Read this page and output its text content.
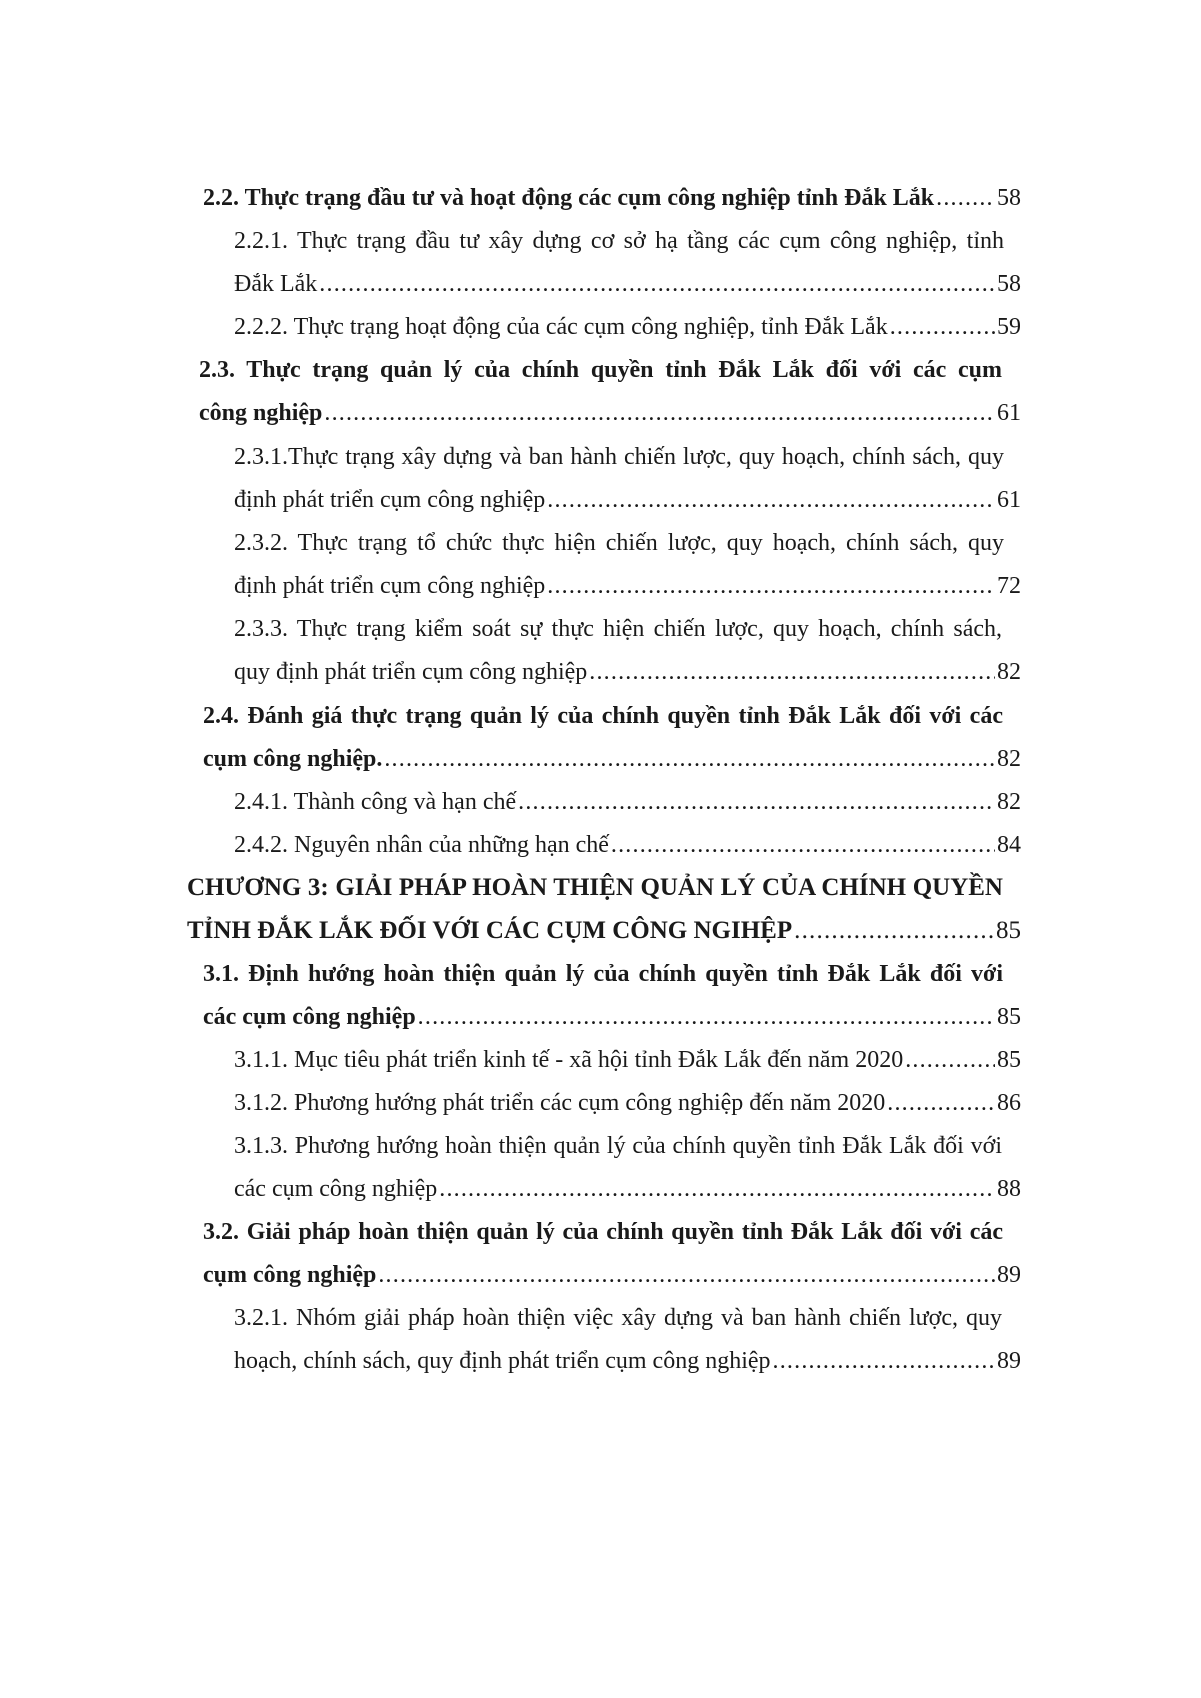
2.2. Thực trạng đầu tư và hoạt động các cụm công nghiệp tỉnh Đắk Lắk .....	58
2.2.1. Thực trạng đầu tư xây dựng cơ sở hạ tầng các cụm công nghiệp, tỉnh
Đắk Lắk .....	58
2.2.2. Thực trạng hoạt động của các cụm công nghiệp, tỉnh Đắk Lắk .....	59
2.3. Thực trạng quản lý của chính quyền tỉnh Đắk Lắk đối với các cụm
công nghiệp .....	61
2.3.1.Thực trạng xây dựng và ban hành chiến lược, quy hoạch, chính sách, quy
định phát triển cụm công nghiệp .....	61
2.3.2. Thực trạng tổ chức thực hiện chiến lược, quy hoạch, chính sách, quy
định phát triển cụm công nghiệp .....	72
2.3.3. Thực trạng kiểm soát sự thực hiện chiến lược, quy hoạch, chính sách,
quy định phát triển cụm công nghiệp .....	82
2.4. Đánh giá thực trạng quản lý của chính quyền tỉnh Đắk Lắk đối với các
cụm công nghiệp. .....	82
2.4.1. Thành công và hạn chế .....	82
2.4.2. Nguyên nhân của những hạn chế .....	84
CHƯƠNG 3: GIẢI PHÁP HOÀN THIỆN QUẢN LÝ CỦA CHÍNH QUYỀN
TỈNH ĐẮK LẮK ĐỐI VỚI CÁC CỤM CÔNG NGIHỆP .....	85
3.1. Định hướng hoàn thiện quản lý của chính quyền tỉnh Đắk Lắk đối với
các cụm công nghiệp .....	85
3.1.1. Mục tiêu phát triển kinh tế - xã hội tỉnh Đắk Lắk đến năm 2020 .....	85
3.1.2. Phương hướng phát triển các cụm công nghiệp đến năm 2020 .....	86
3.1.3. Phương hướng hoàn thiện quản lý của chính quyền tỉnh Đắk Lắk đối với
các cụm công nghiệp .....	88
3.2. Giải pháp hoàn thiện quản lý của chính quyền tỉnh Đắk Lắk đối với các
cụm công nghiệp .....	89
3.2.1. Nhóm giải pháp hoàn thiện việc xây dựng và ban hành chiến lược, quy
hoạch, chính sách, quy định phát triển cụm công nghiệp .....	89
